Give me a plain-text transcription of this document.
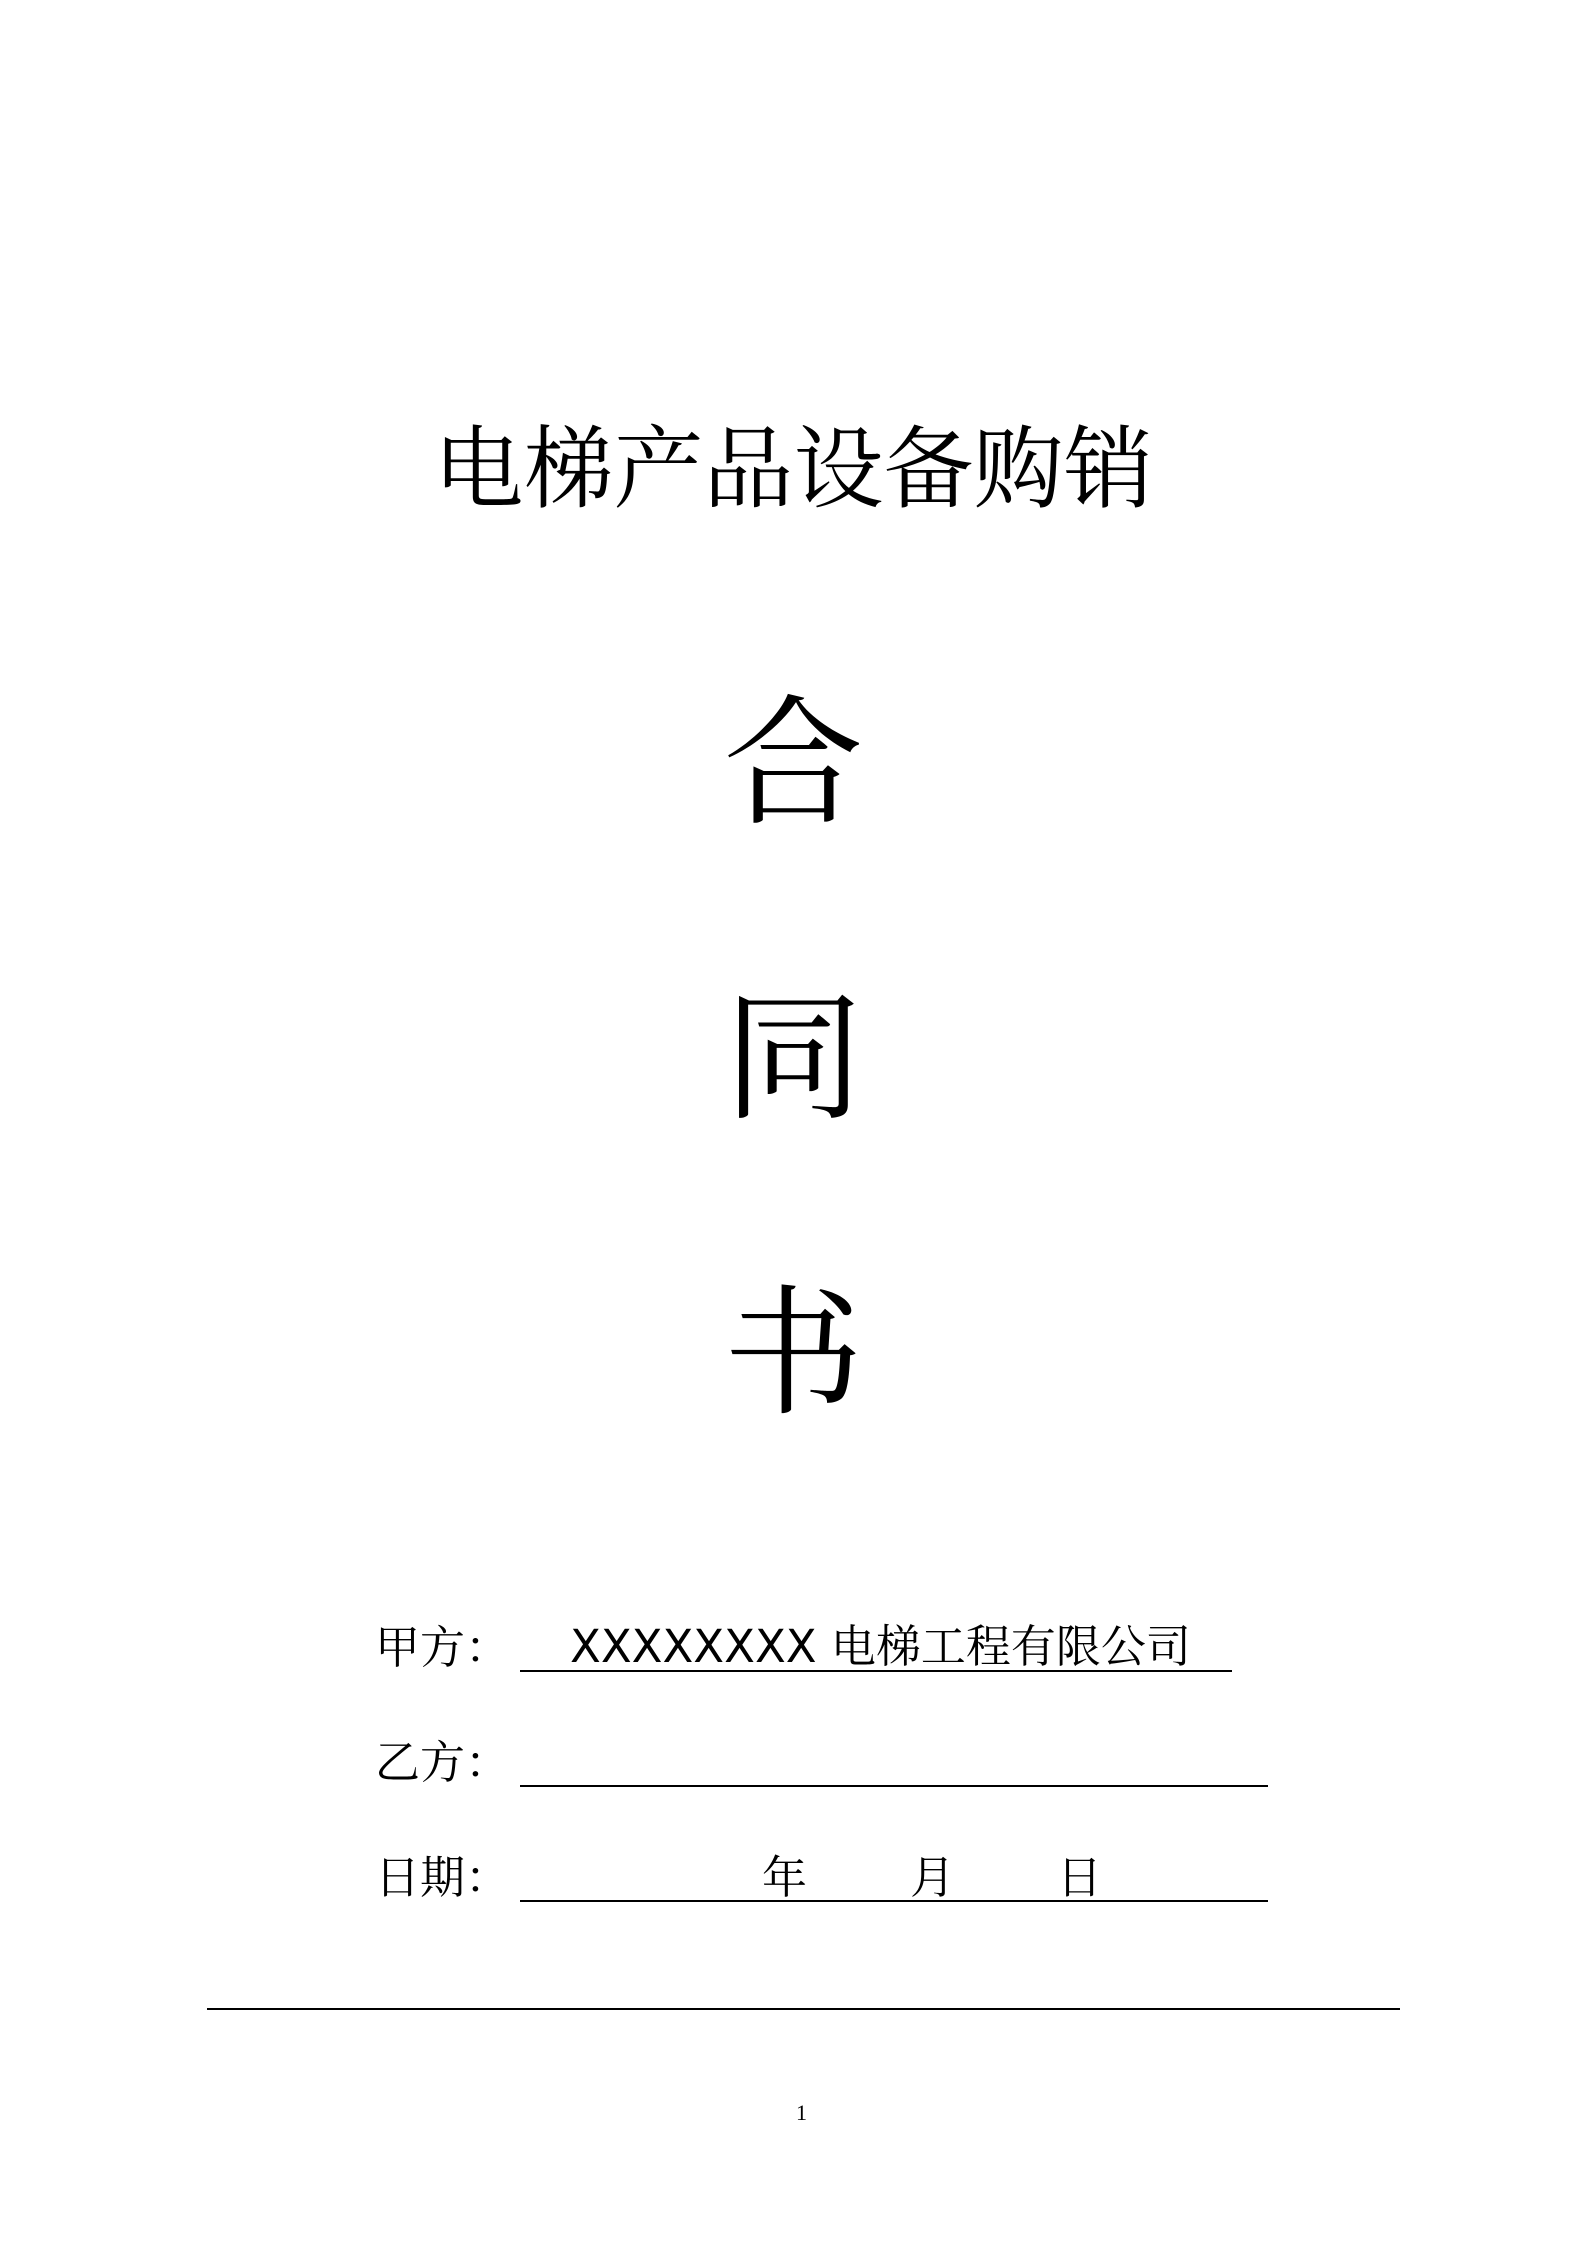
电梯产品设备购销
合
同
书
甲方： XXXXXXXX 电梯工程有限公司
乙方：
日期：	年 月 日
1
